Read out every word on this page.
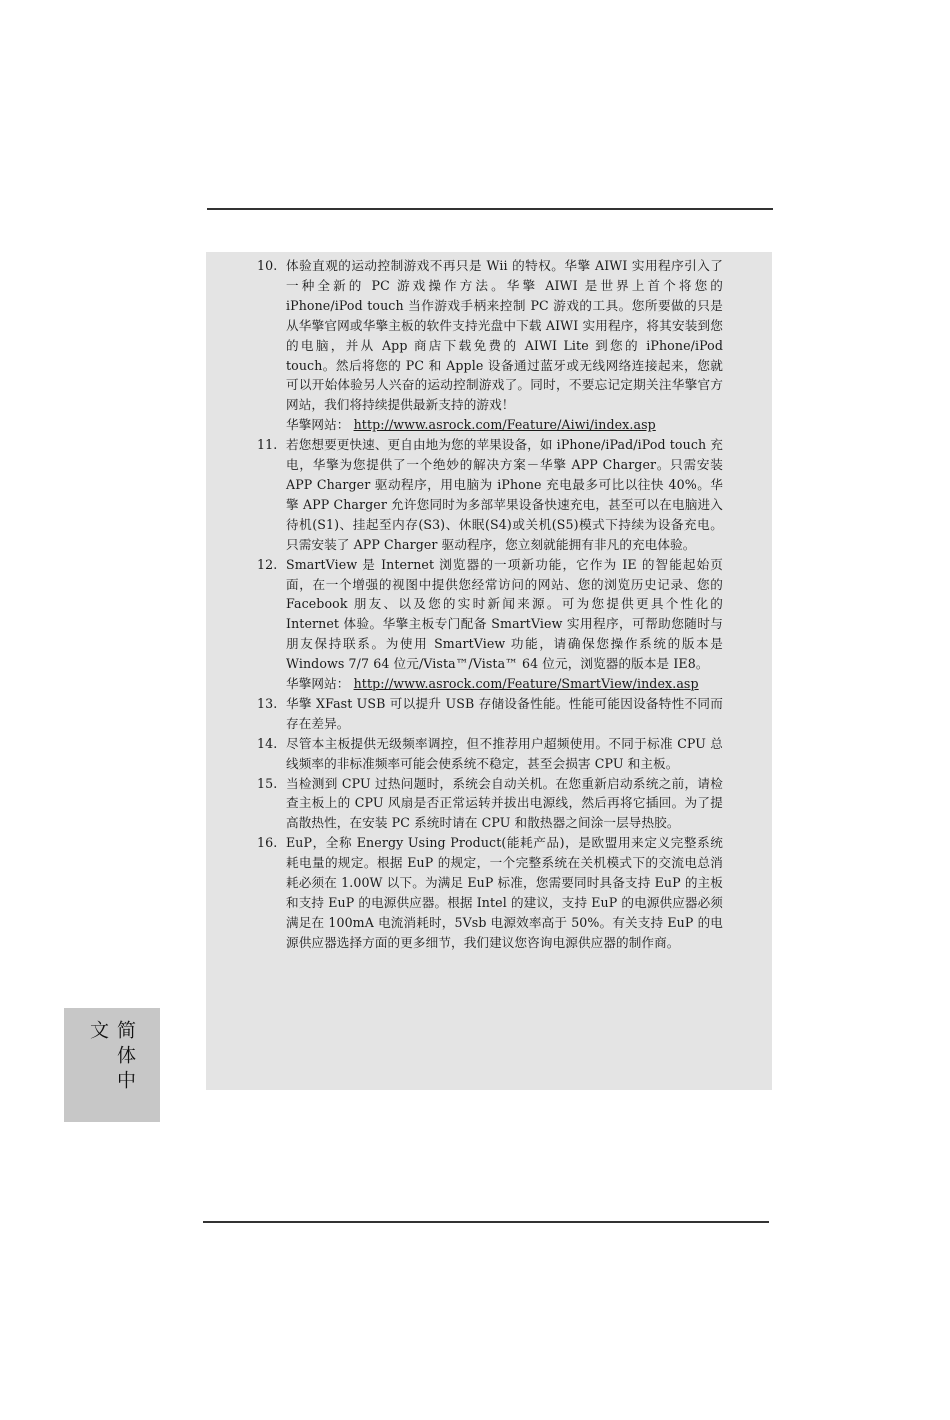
10. 体验直观的运动控制游戏不再只是 Wii 的特权。华擎 AIWI 实用程序引入了一种全新的 PC 游戏操作方法。华擎 AIWI 是世界上首个将您的 iPhone/iPod touch 当作游戏手柄来控制 PC 游戏的工具。您所要做的只是从华擎官网或华擎主板的软件支持光盘中下载 AIWI 实用程序，将其安装到您的电脑，并从 App 商店下载免费的 AIWI Lite 到您的 iPhone/iPod touch。然后将您的 PC 和 Apple 设备通过蓝牙或无线网络连接起来，您就可以开始体验另人兴奋的运动控制游戏了。同时，不要忘记定期关注华擎官方网站，我们将持续提供最新支持的游戏！
华擎网站： http://www.asrock.com/Feature/Aiwi/index.asp
11. 若您想要更快速、更自由地为您的苹果设备，如 iPhone/iPad/iPod touch 充电，华擎为您提供了一个绝妙的解决方案－华擎 APP Charger。只需安装 APP Charger 驱动程序，用电脑为 iPhone 充电最多可比以往快 40%。华擎 APP Charger 允许您同时为多部苹果设备快速充电，甚至可以在电脑进入待机(S1)、挂起至内存(S3)、休眠(S4)或关机(S5)模式下持续为设备充电。只需安装了 APP Charger 驱动程序，您立刻就能拥有非凡的充电体验。
12. SmartView 是 Internet 浏览器的一项新功能，它作为 IE 的智能起始页面，在一个增强的视图中提供您经常访问的网站、您的浏览历史记录、您的 Facebook 朋友、以及您的实时新闻来源。可为您提供更具个性化的 Internet 体验。华擎主板专门配备 SmartView 实用程序，可帮助您随时与朋友保持联系。为使用 SmartView 功能，请确保您操作系统的版本是 Windows 7/7 64 位元/Vista™/Vista™ 64 位元，浏览器的版本是 IE8。
华擎网站： http://www.asrock.com/Feature/SmartView/index.asp
13. 华擎 XFast USB 可以提升 USB 存储设备性能。性能可能因设备特性不同而存在差异。
14. 尽管本主板提供无级频率调控，但不推荐用户超频使用。不同于标准 CPU 总线频率的非标准频率可能会使系统不稳定，甚至会损害 CPU 和主板。
15. 当检测到 CPU 过热问题时，系统会自动关机。在您重新启动系统之前，请检查主板上的 CPU 风扇是否正常运转并拔出电源线，然后再将它插回。为了提高散热性，在安装 PC 系统时请在 CPU 和散热器之间涂一层导热胶。
16. EuP，全称 Energy Using Product(能耗产品)，是欧盟用来定义完整系统耗电量的规定。根据 EuP 的规定，一个完整系统在关机模式下的交流电总消耗必须在 1.00W 以下。为满足 EuP 标准，您需要同时具备支持 EuP 的主板和支持 EuP 的电源供应器。根据 Intel 的建议，支持 EuP 的电源供应器必须满足在 100mA 电流消耗时，5Vsb 电源效率高于 50%。有关支持 EuP 的电源供应器选择方面的更多细节，我们建议您咨询电源供应器的制作商。
简体中文
